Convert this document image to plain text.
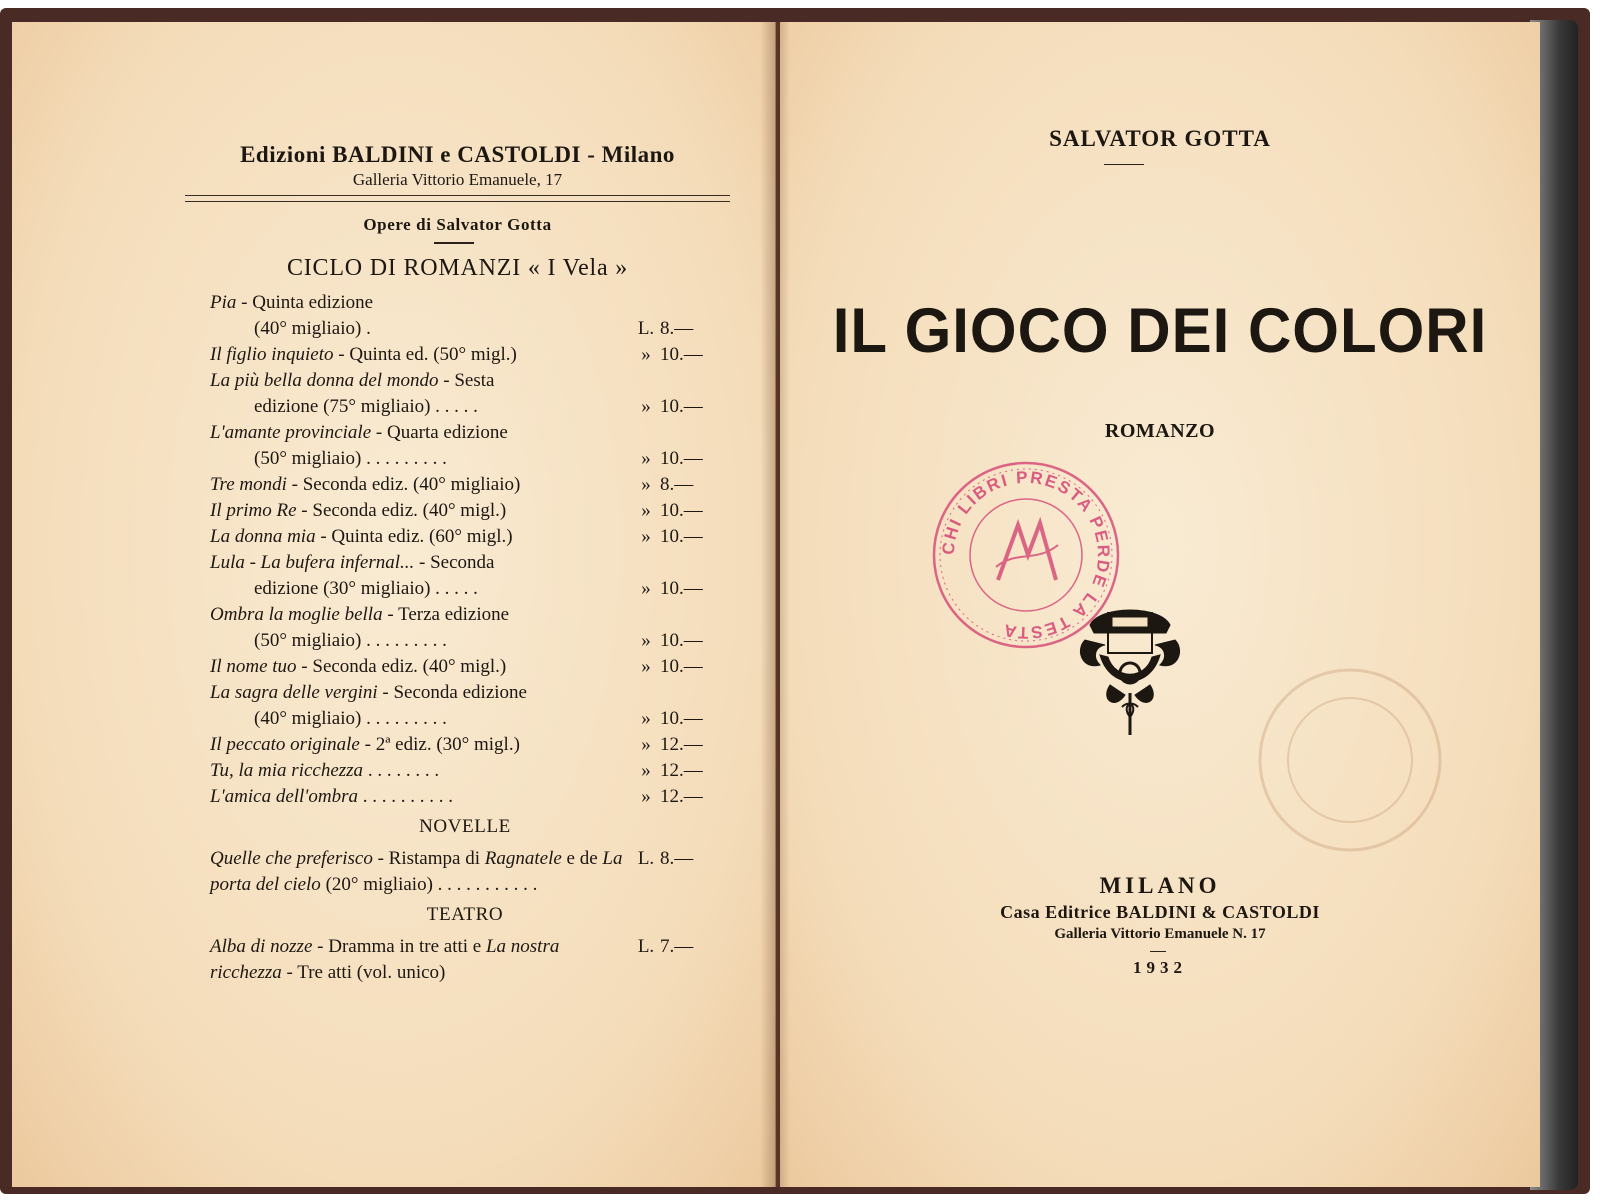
Edizioni BALDINI e CASTOLDI - Milano
Galleria Vittorio Emanuele, 17
Opere di Salvator Gotta
CICLO DI ROMANZI « I Vela »
Pia - Quinta edizione
(40° migliaio) .	L. 8.—
Il figlio inquieto - Quinta ed. (50° migl.)	» 10.—
La più bella donna del mondo - Sesta
edizione (75° migliaio) . . . . .	» 10.—
L'amante provinciale - Quarta edizione
(50° migliaio) . . . . . . . . .	» 10.—
Tre mondi - Seconda ediz. (40° migliaio)	» 8.—
Il primo Re - Seconda ediz. (40° migl.)	» 10.—
La donna mia - Quinta ediz. (60° migl.)	» 10.—
Lula - La bufera infernal... - Seconda
edizione (30° migliaio) . . . . .	» 10.—
Ombra la moglie bella - Terza edizione
(50° migliaio) . . . . . . . . .	» 10.—
Il nome tuo - Seconda ediz. (40° migl.)	» 10.—
La sagra delle vergini - Seconda edizione
(40° migliaio) . . . . . . . . .	» 10.—
Il peccato originale - 2ª ediz. (30° migl.)	» 12.—
Tu, la mia ricchezza . . . . . . . .	» 12.—
L'amica dell'ombra . . . . . . . . . .	» 12.—
NOVELLE
Quelle che preferisco - Ristampa di Ragnatele e de La porta del cielo (20° migliaio) . . . . . . . . . . .
L. 8.—
TEATRO
Alba di nozze - Dramma in tre atti e La nostra ricchezza - Tre atti (vol. unico)
L. 7.—
SALVATOR GOTTA
IL GIOCO DEI COLORI
ROMANZO
CHI LIBRI PRESTA PERDE LA TESTA
MILANO
Casa Editrice BALDINI & CASTOLDI
Galleria Vittorio Emanuele N. 17
1932
